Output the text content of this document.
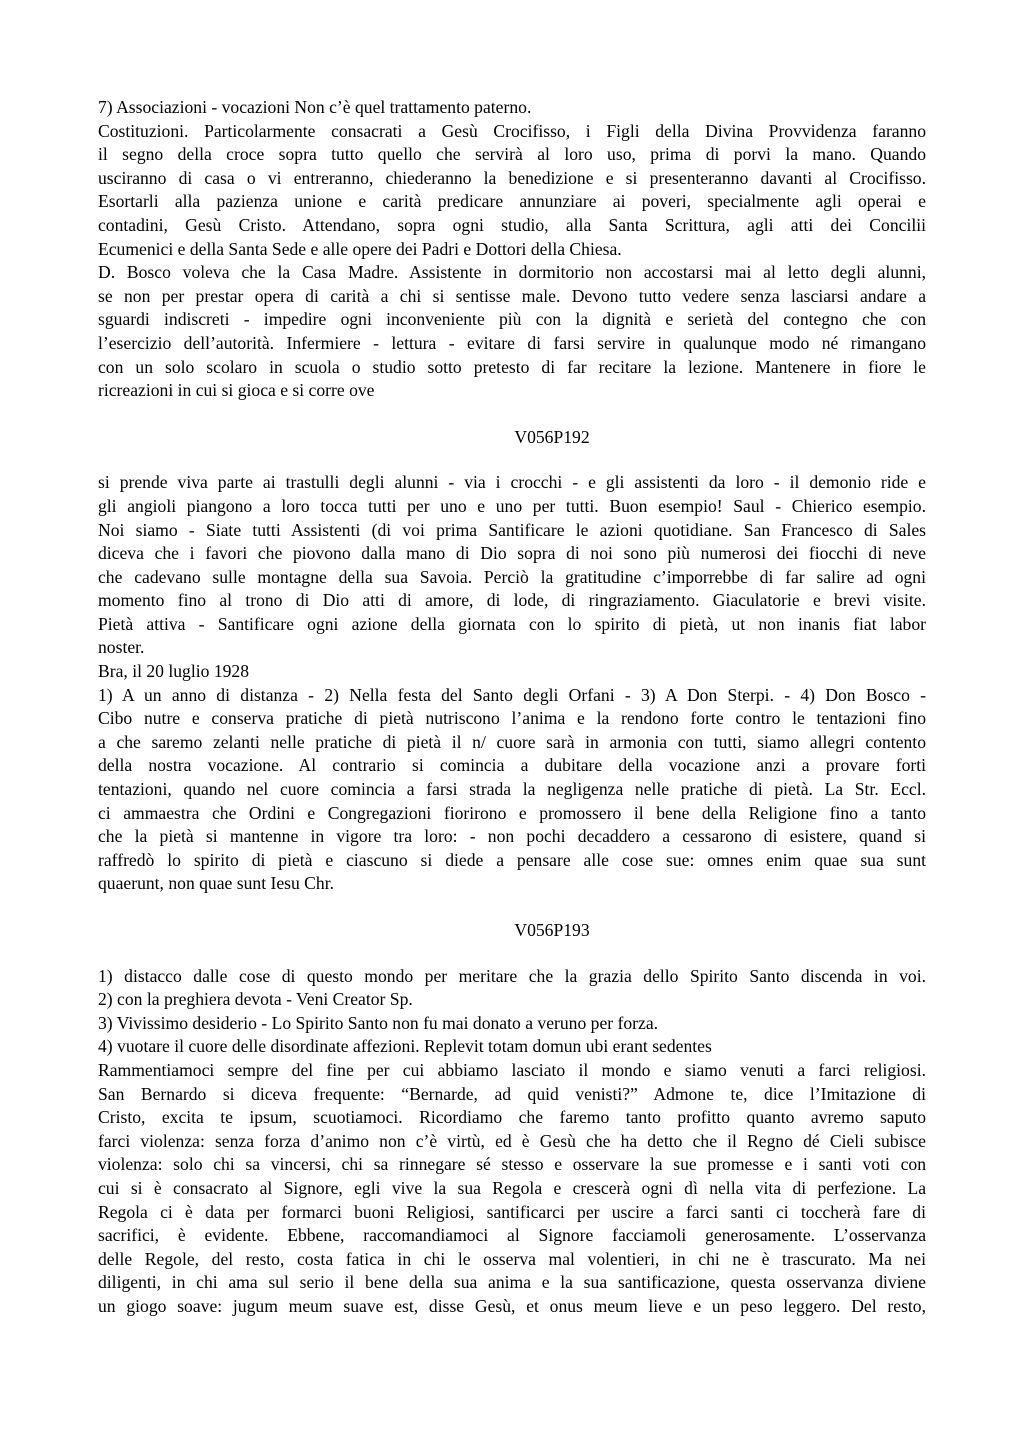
7) Associazioni - vocazioni Non c’è quel trattamento paterno.
Costituzioni. Particolarmente consacrati a Gesù Crocifisso, i Figli della Divina Provvidenza faranno
il segno della croce sopra tutto quello che servirà al loro uso, prima di porvi la mano. Quando
usciranno di casa o vi entreranno, chiederanno la benedizione e si presenteranno davanti al Crocifisso.
Esortarli alla pazienza unione e carità predicare annunziare ai poveri, specialmente agli operai e
contadini, Gesù Cristo. Attendano, sopra ogni studio, alla Santa Scrittura, agli atti dei Concilii
Ecumenici e della Santa Sede e alle opere dei Padri e Dottori della Chiesa.
D. Bosco voleva che la Casa Madre. Assistente in dormitorio non accostarsi mai al letto degli alunni,
se non per prestar opera di carità a chi si sentisse male. Devono tutto vedere senza lasciarsi andare a
sguardi indiscreti - impedire ogni inconveniente più con la dignità e serietà del contegno che con
l’esercizio dell’autorità. Infermiere - lettura - evitare di farsi servire in qualunque modo né rimangano
con un solo scolaro in scuola o studio sotto pretesto di far recitare la lezione. Mantenere in fiore le
ricreazioni in cui si gioca e si corre ove
V056P192
si prende viva parte ai trastulli degli alunni - via i crocchi - e gli assistenti da loro - il demonio ride e
gli angioli piangono a loro tocca tutti per uno e uno per tutti. Buon esempio! Saul - Chierico esempio.
Noi siamo - Siate tutti Assistenti (di voi prima Santificare le azioni quotidiane. San Francesco di Sales
diceva che i favori che piovono dalla mano di Dio sopra di noi sono più numerosi dei fiocchi di neve
che cadevano sulle montagne della sua Savoia. Perciò la gratitudine c’imporrebbe di far salire ad ogni
momento fino al trono di Dio atti di amore, di lode, di ringraziamento. Giaculatorie e brevi visite.
Pietà attiva - Santificare ogni azione della giornata con lo spirito di pietà, ut non inanis fiat labor
noster.
Bra, il 20 luglio 1928
1) A un anno di distanza - 2) Nella festa del Santo degli Orfani - 3) A Don Sterpi. - 4) Don Bosco -
Cibo nutre e conserva pratiche di pietà nutriscono l’anima e la rendono forte contro le tentazioni fino
a che saremo zelanti nelle pratiche di pietà il n/ cuore sarà in armonia con tutti, siamo allegri contento
della nostra vocazione. Al contrario si comincia a dubitare della vocazione anzi a provare forti
tentazioni, quando nel cuore comincia a farsi strada la negligenza nelle pratiche di pietà. La Str. Eccl.
ci ammaestra che Ordini e Congregazioni fiorirono e promossero il bene della Religione fino a tanto
che la pietà si mantenne in vigore tra loro: - non pochi decaddero a cessarono di esistere, quand si
raffredò lo spirito di pietà e ciascuno si diede a pensare alle cose sue: omnes enim quae sua sunt
quaerunt, non quae sunt Iesu Chr.
V056P193
1) distacco dalle cose di questo mondo per meritare che la grazia dello Spirito Santo discenda in voi.
2) con la preghiera devota - Veni Creator Sp.
3) Vivissimo desiderio - Lo Spirito Santo non fu mai donato a veruno per forza.
4) vuotare il cuore delle disordinate affezioni. Replevit totam domun ubi erant sedentes
Rammentiamoci sempre del fine per cui abbiamo lasciato il mondo e siamo venuti a farci religiosi.
San Bernardo si diceva frequente: “Bernarde, ad quid venisti?” Admone te, dice l’Imitazione di
Cristo, excita te ipsum, scuotiamoci. Ricordiamo che faremo tanto profitto quanto avremo saputo
farci violenza: senza forza d’animo non c’è virtù, ed è Gesù che ha detto che il Regno dé Cieli subisce
violenza: solo chi sa vincersi, chi sa rinnegare sé stesso e osservare la sue promesse e i santi voti con
cui si è consacrato al Signore, egli vive la sua Regola e crescerà ogni dì nella vita di perfezione. La
Regola ci è data per formarci buoni Religiosi, santificarci per uscire a farci santi ci toccherà fare di
sacrifici, è evidente. Ebbene, raccomandiamoci al Signore facciamoli generosamente. L’osservanza
delle Regole, del resto, costa fatica in chi le osserva mal volentieri, in chi ne è trascurato. Ma nei
diligenti, in chi ama sul serio il bene della sua anima e la sua santificazione, questa osservanza diviene
un giogo soave: jugum meum suave est, disse Gesù, et onus meum lieve e un peso leggero. Del resto,
